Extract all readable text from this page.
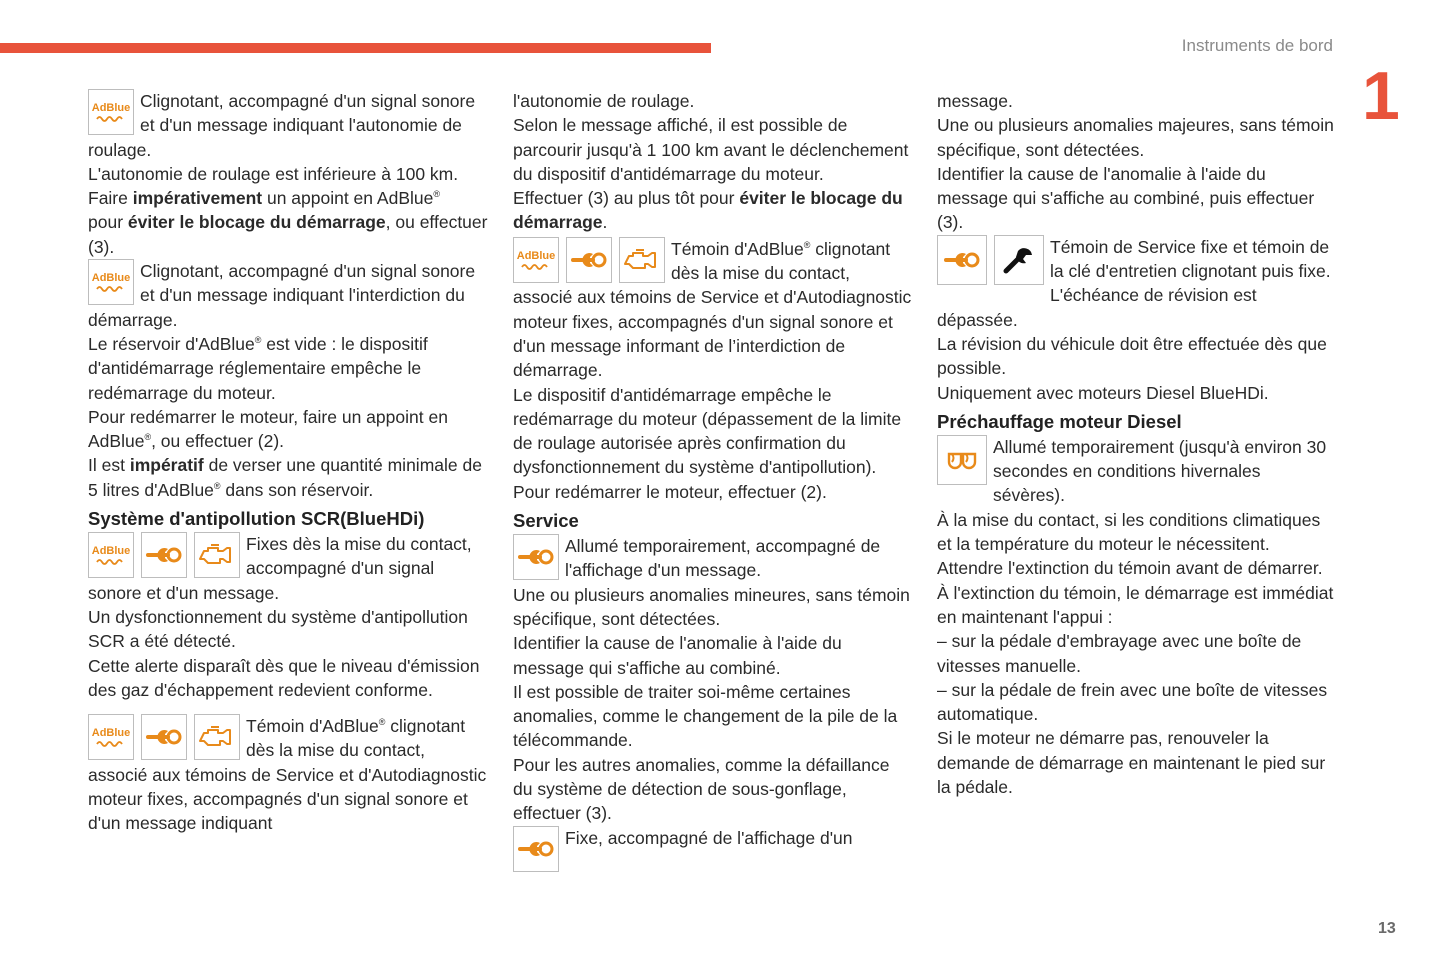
Instruments de bord
1
13
AdBlue Clignotant, accompagné d'un signal sonore et d'un message indiquant l'autonomie de roulage.

L'autonomie de roulage est inférieure à 100 km.

Faire impérativement un appoint en AdBlue®
pour éviter le blocage du démarrage, ou effectuer (3).

AdBlue Clignotant, accompagné d'un signal sonore et d'un message indiquant l'interdiction du démarrage.

Le réservoir d'AdBlue® est vide : le dispositif d'antidémarrage réglementaire empêche le redémarrage du moteur.

Pour redémarrer le moteur, faire un appoint en AdBlue®, ou effectuer (2).

Il est impératif de verser une quantité minimale de 5 litres d'AdBlue® dans son réservoir.

Système d'antipollution SCR(BlueHDi)
AdBlue	Fixes dès la mise du contact, accompagné d'un signal sonore et d'un message.

Un dysfonctionnement du système d'antipollution SCR a été détecté.

Cette alerte disparaît dès que le niveau d'émission des gaz d'échappement redevient conforme.

AdBlue	Témoin d'AdBlue® clignotant dès la mise du contact, associé aux témoins de Service et d'Autodiagnostic moteur fixes, accompagnés d'un signal sonore et d'un message indiquant

l'autonomie de roulage.

Selon le message affiché, il est possible de parcourir jusqu'à 1 100 km avant le déclenchement du dispositif d'antidémarrage du moteur.

Effectuer (3) au plus tôt pour éviter le blocage du démarrage.

AdBlue	Témoin d'AdBlue® clignotant dès la mise du contact, associé aux témoins de Service et d'Autodiagnostic moteur fixes, accompagnés d'un signal sonore et d'un message informant de l’interdiction de démarrage.

Le dispositif d'antidémarrage empêche le redémarrage du moteur (dépassement de la limite de roulage autorisée après confirmation du dysfonctionnement du système d'antipollution).

Pour redémarrer le moteur, effectuer (2).

Service

Allumé temporairement, accompagné de l'affichage d'un message.

Une ou plusieurs anomalies mineures, sans témoin spécifique, sont détectées.

Identifier la cause de l'anomalie à l'aide du message qui s'affiche au combiné.

Il est possible de traiter soi-même certaines anomalies, comme le changement de la pile de la télécommande.

Pour les autres anomalies, comme la défaillance du système de détection de sous-gonflage, effectuer (3).

Fixe, accompagné de l'affichage d'un

message.

Une ou plusieurs anomalies majeures, sans témoin spécifique, sont détectées.

Identifier la cause de l'anomalie à l'aide du message qui s'affiche au combiné, puis effectuer (3).

Témoin de Service fixe et témoin de la clé d'entretien clignotant puis fixe.

L'échéance de révision est dépassée.

La révision du véhicule doit être effectuée dès que possible.

Uniquement avec moteurs Diesel BlueHDi.

Préchauffage moteur Diesel

Allumé temporairement (jusqu'à environ 30 secondes en conditions hivernales sévères).

À la mise du contact, si les conditions climatiques et la température du moteur le nécessitent.

Attendre l'extinction du témoin avant de démarrer.

À l'extinction du témoin, le démarrage est immédiat en maintenant l'appui :

– sur la pédale d'embrayage avec une boîte de vitesses manuelle.

– sur la pédale de frein avec une boîte de vitesses automatique.

Si le moteur ne démarre pas, renouveler la demande de démarrage en maintenant le pied sur la pédale.
